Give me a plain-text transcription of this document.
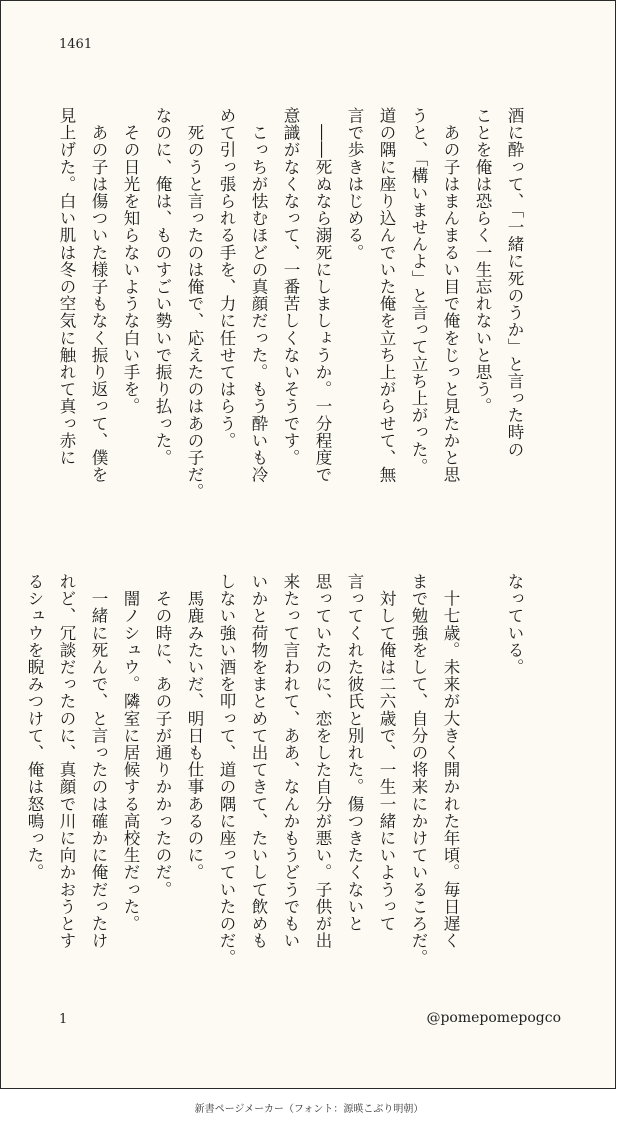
1461
酒に酔って、「一緒に死のうか」と言った時の
ことを俺は恐らく一生忘れないと思う。
　あの子はまんまるい目で俺をじっと見たかと思
うと、「構いませんよ」と言って立ち上がった。
道の隅に座り込んでいた俺を立ち上がらせて、無
言で歩きはじめる。
　――死ぬなら溺死にしましょうか。一分程度で
意識がなくなって、一番苦しくないそうです。
　こっちが怯むほどの真顔だった。もう酔いも冷
めて引っ張られる手を、力に任せてはらう。
　死のうと言ったのは俺で、応えたのはあの子だ。
なのに、俺は、ものすごい勢いで振り払った。
　その日光を知らないような白い手を。
　あの子は傷ついた様子もなく振り返って、僕を
見上げた。白い肌は冬の空気に触れて真っ赤に
なっている。

　十七歳。未来が大きく開かれた年頃。毎日遅く
まで勉強をして、自分の将来にかけているころだ。
　対して俺は二六歳で、一生一緒にいようって
言ってくれた彼氏と別れた。傷つきたくないと
思っていたのに、恋をした自分が悪い。子供が出
来たって言われて、ああ、なんかもうどうでもい
いかと荷物をまとめて出てきて、たいして飲めも
しない強い酒を叩って、道の隅に座っていたのだ。
　馬鹿みたいだ、明日も仕事あるのに。
　その時に、あの子が通りかかったのだ。
　闇ノシュウ。隣室に居候する高校生だった。
　一緒に死んで、と言ったのは確かに俺だったけ
れど、冗談だったのに、真顔で川に向かおうとす
るシュウを睨みつけて、俺は怒鳴った。
1	@pomepomepogco
新書ページメーカー（フォント：源暎こぶり明朝）
